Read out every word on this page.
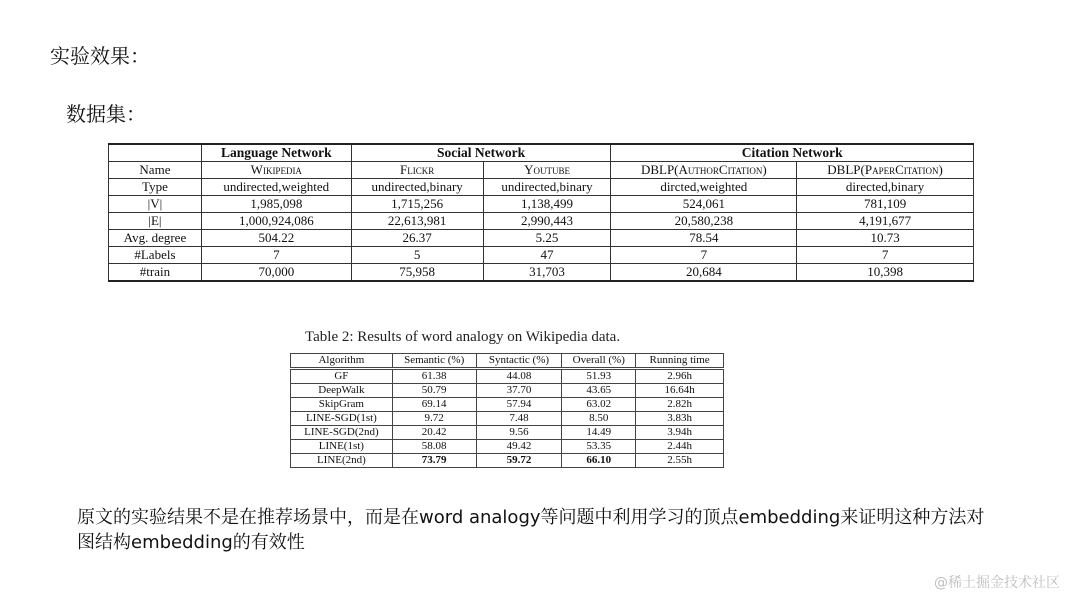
实验效果：
数据集：
	Language Network	Social Network		Citation Network	
Name	Wikipedia	Flickr	Youtube	DBLP(AuthorCitation)	DBLP(PaperCitation)
Type	undirected,weighted	undirected,binary	undirected,binary	dircted,weighted	directed,binary
|V|	1,985,098	1,715,256	1,138,499	524,061	781,109
|E|	1,000,924,086	22,613,981	2,990,443	20,580,238	4,191,677
Avg. degree	504.22	26.37	5.25	78.54	10.73
#Labels	7	5	47	7	7
#train	70,000	75,958	31,703	20,684	10,398
Table 2: Results of word analogy on Wikipedia data.
Algorithm	Semantic (%)	Syntactic (%)	Overall (%)	Running time
GF	61.38	44.08	51.93	2.96h
DeepWalk	50.79	37.70	43.65	16.64h
SkipGram	69.14	57.94	63.02	2.82h
LINE-SGD(1st)	9.72	7.48	8.50	3.83h
LINE-SGD(2nd)	20.42	9.56	14.49	3.94h
LINE(1st)	58.08	49.42	53.35	2.44h
LINE(2nd)	73.79	59.72	66.10	2.55h
原文的实验结果不是在推荐场景中，而是在word analogy等问题中利用学习的顶点embedding来证明这种方法对图结构embedding的有效性
@稀土掘金技术社区
